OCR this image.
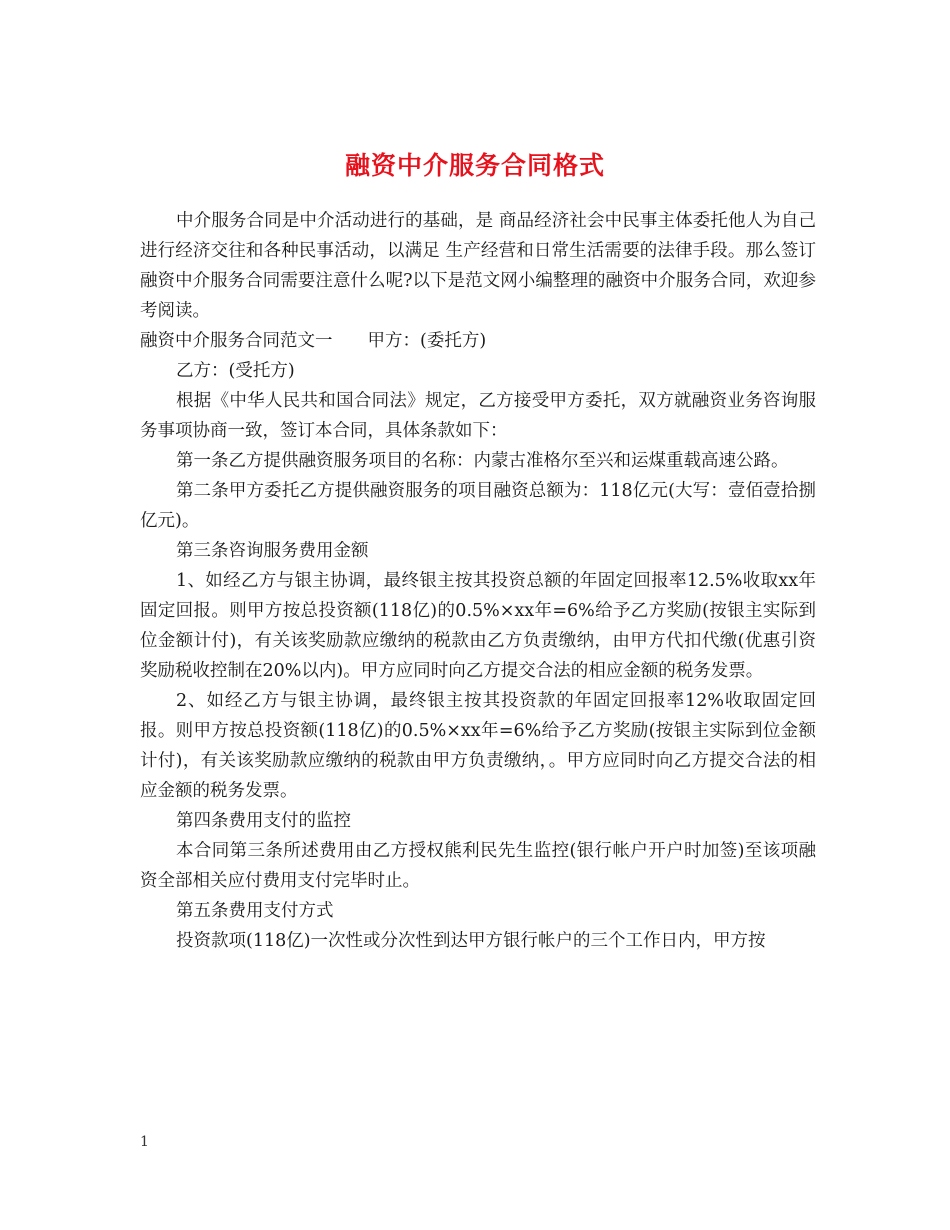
融资中介服务合同格式

中介服务合同是中介活动进行的基础，是 商品经济社会中民事主体委托他人为自己进行经济交往和各种民事活动，以满足 生产经营和日常生活需要的法律手段。那么签订融资中介服务合同需要注意什么呢?以下是范文网小编整理的融资中介服务合同，欢迎参考阅读。

融资中介服务合同范文一　　甲方：(委托方)

乙方：(受托方)

根据《中华人民共和国合同法》规定，乙方接受甲方委托，双方就融资业务咨询服务事项协商一致，签订本合同，具体条款如下：

第一条乙方提供融资服务项目的名称：内蒙古准格尔至兴和运煤重载高速公路。

第二条甲方委托乙方提供融资服务的项目融资总额为：118亿元(大写：壹佰壹拾捌亿元)。

第三条咨询服务费用金额

1、如经乙方与银主协调，最终银主按其投资总额的年固定回报率12.5%收取xx年固定回报。则甲方按总投资额(118亿)的0.5%×xx年=6%给予乙方奖励(按银主实际到位金额计付)，有关该奖励款应缴纳的税款由乙方负责缴纳，由甲方代扣代缴(优惠引资奖励税收控制在20%以内)。甲方应同时向乙方提交合法的相应金额的税务发票。

2、如经乙方与银主协调，最终银主按其投资款的年固定回报率12%收取固定回报。则甲方按总投资额(118亿)的0.5%×xx年=6%给予乙方奖励(按银主实际到位金额计付)，有关该奖励款应缴纳的税款由甲方负责缴纳，。甲方应同时向乙方提交合法的相应金额的税务发票。

第四条费用支付的监控

本合同第三条所述费用由乙方授权熊利民先生监控(银行帐户开户时加签)至该项融资全部相关应付费用支付完毕时止。

第五条费用支付方式

投资款项(118亿)一次性或分次性到达甲方银行帐户的三个工作日内，甲方按

1
